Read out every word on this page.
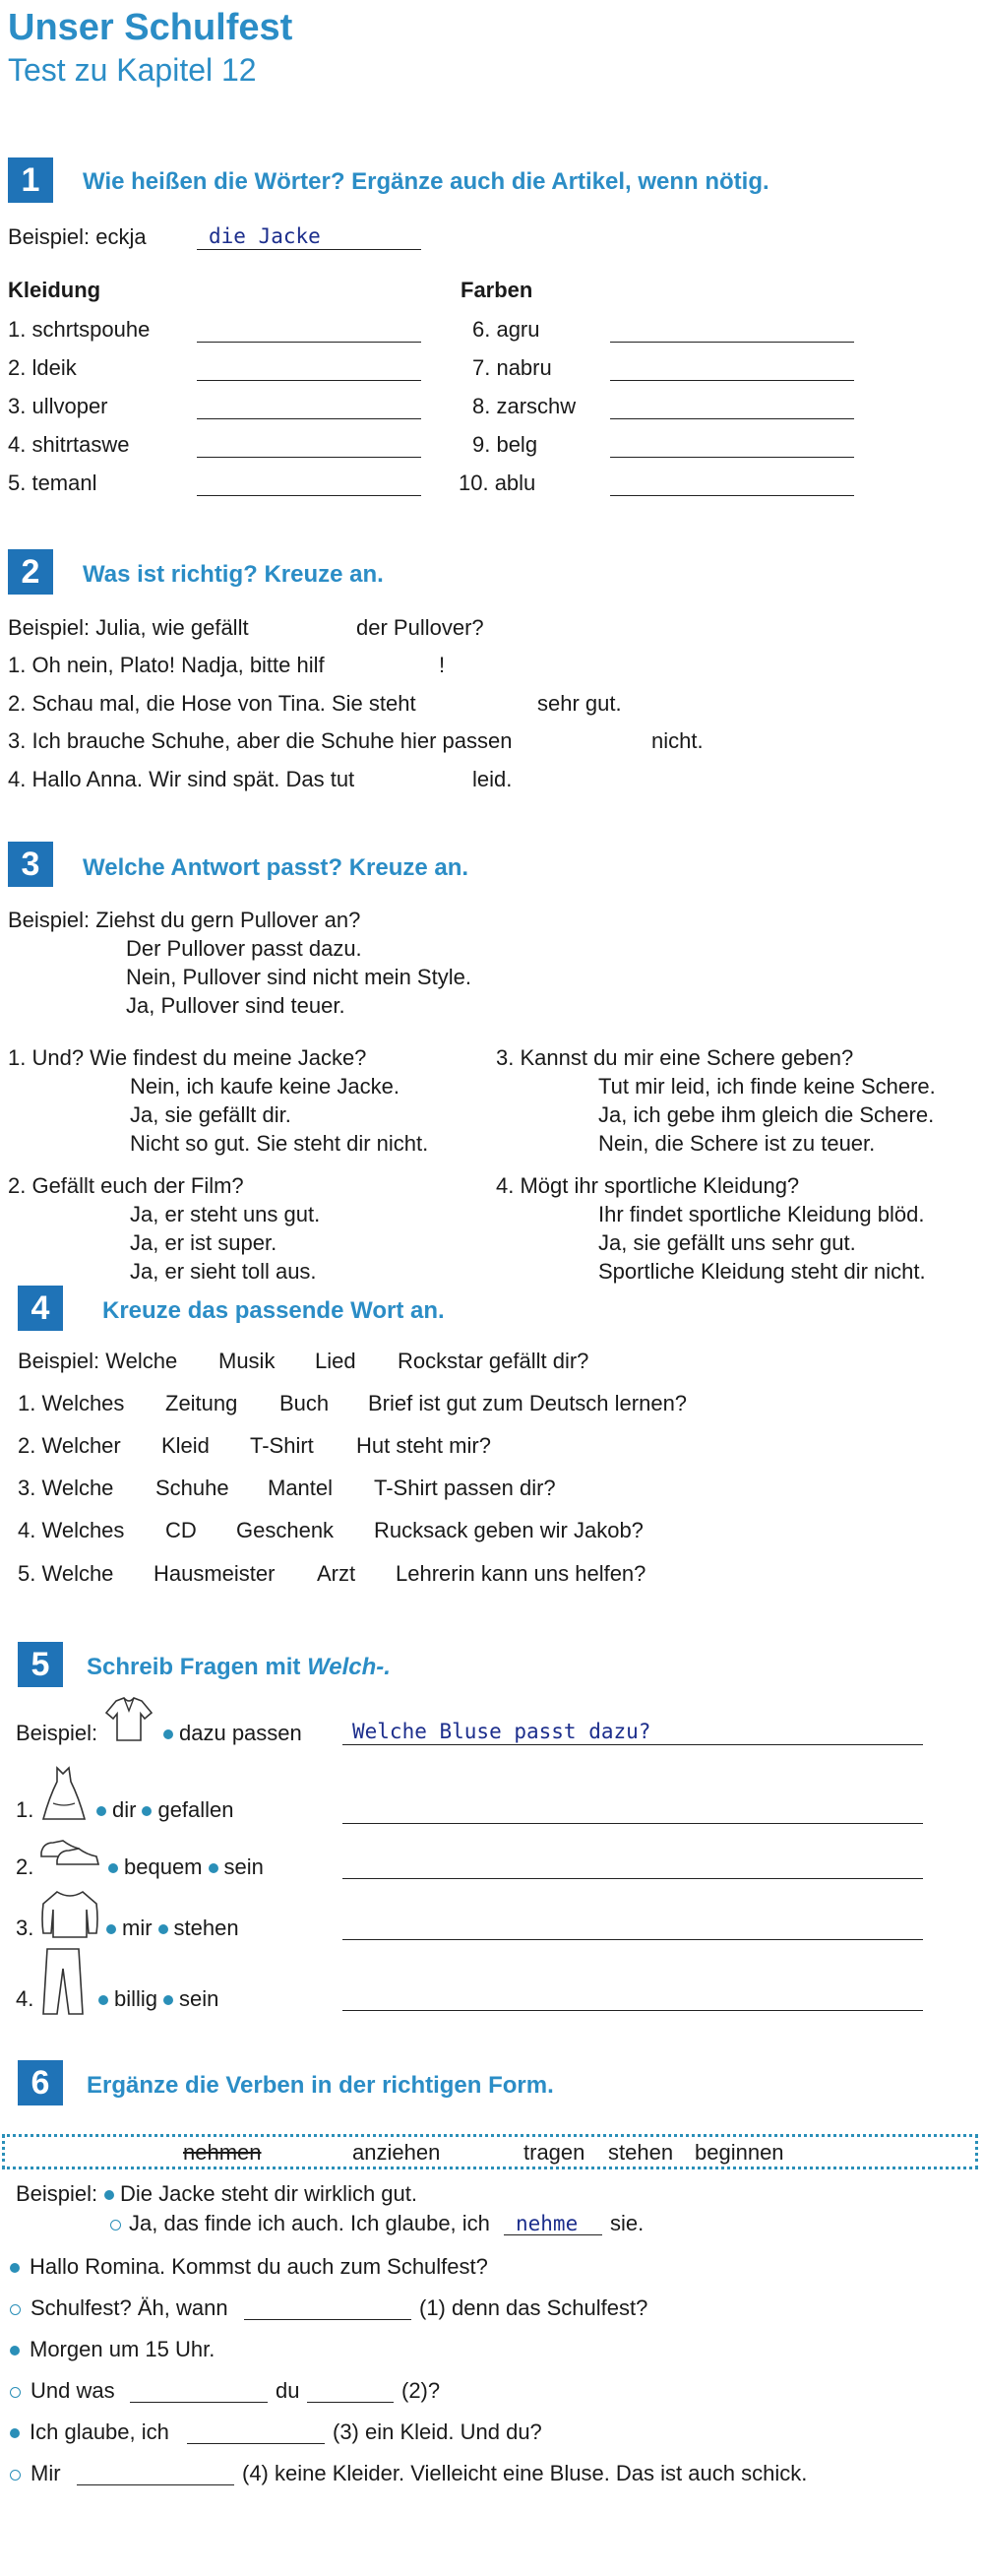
Unser Schulfest
Test zu Kapitel 12
1	Wie heißen die Wörter? Ergänze auch die Artikel, wenn nötig.
Beispiel: eckja	die Jacke
Kleidung	Farben
1. schrtspouhe
2. ldeik
3. ullvoper
4. shitrtaswe
5. temanl
6. agru
7. nabru
8. zarschw
9. belg
10. ablu
2	Was ist richtig? Kreuze an.
Beispiel: Julia, wie gefällt	der Pullover?
1. Oh nein, Plato! Nadja, bitte hilf	!
2. Schau mal, die Hose von Tina. Sie steht	sehr gut.
3. Ich brauche Schuhe, aber die Schuhe hier passen	nicht.
4. Hallo Anna. Wir sind spät. Das tut	leid.
3	Welche Antwort passt? Kreuze an.
Beispiel: Ziehst du gern Pullover an?
Der Pullover passt dazu.
Nein, Pullover sind nicht mein Style.
Ja, Pullover sind teuer.
1. Und? Wie findest du meine Jacke?
Nein, ich kaufe keine Jacke.
Ja, sie gefällt dir.
Nicht so gut. Sie steht dir nicht.
2. Gefällt euch der Film?
Ja, er steht uns gut.
Ja, er ist super.
Ja, er sieht toll aus.
3. Kannst du mir eine Schere geben?
Tut mir leid, ich finde keine Schere.
Ja, ich gebe ihm gleich die Schere.
Nein, die Schere ist zu teuer.
4. Mögt ihr sportliche Kleidung?
Ihr findet sportliche Kleidung blöd.
Ja, sie gefällt uns sehr gut.
Sportliche Kleidung steht dir nicht.
4	Kreuze das passende Wort an.
Beispiel: Welche Musik Lied Rockstar gefällt dir?
1. Welches Zeitung Buch Brief ist gut zum Deutsch lernen?
2. Welcher Kleid T-Shirt Hut steht mir?
3. Welche Schuhe Mantel T-Shirt passen dir?
4. Welches CD Geschenk Rucksack geben wir Jakob?
5. Welche Hausmeister Arzt Lehrerin kann uns helfen?
5	Schreib Fragen mit Welch-.
Beispiel:	dazu passen Welche Bluse passt dazu?
1.	dir gefallen
2.	bequem sein
3.	mir stehen
4.	billig sein
6	Ergänze die Verben in der richtigen Form.
nehmen	anziehen	tragen stehen beginnen
Beispiel:	Die Jacke steht dir wirklich gut.
Ja, das finde ich auch. Ich glaube, ich nehme sie.
Hallo Romina. Kommst du auch zum Schulfest?
Schulfest? Äh, wann	(1) denn das Schulfest?
Morgen um 15 Uhr.
Und was	du	(2)?
Ich glaube, ich	(3) ein Kleid. Und du?
Mir	(4) keine Kleider. Vielleicht eine Bluse. Das ist auch schick.
